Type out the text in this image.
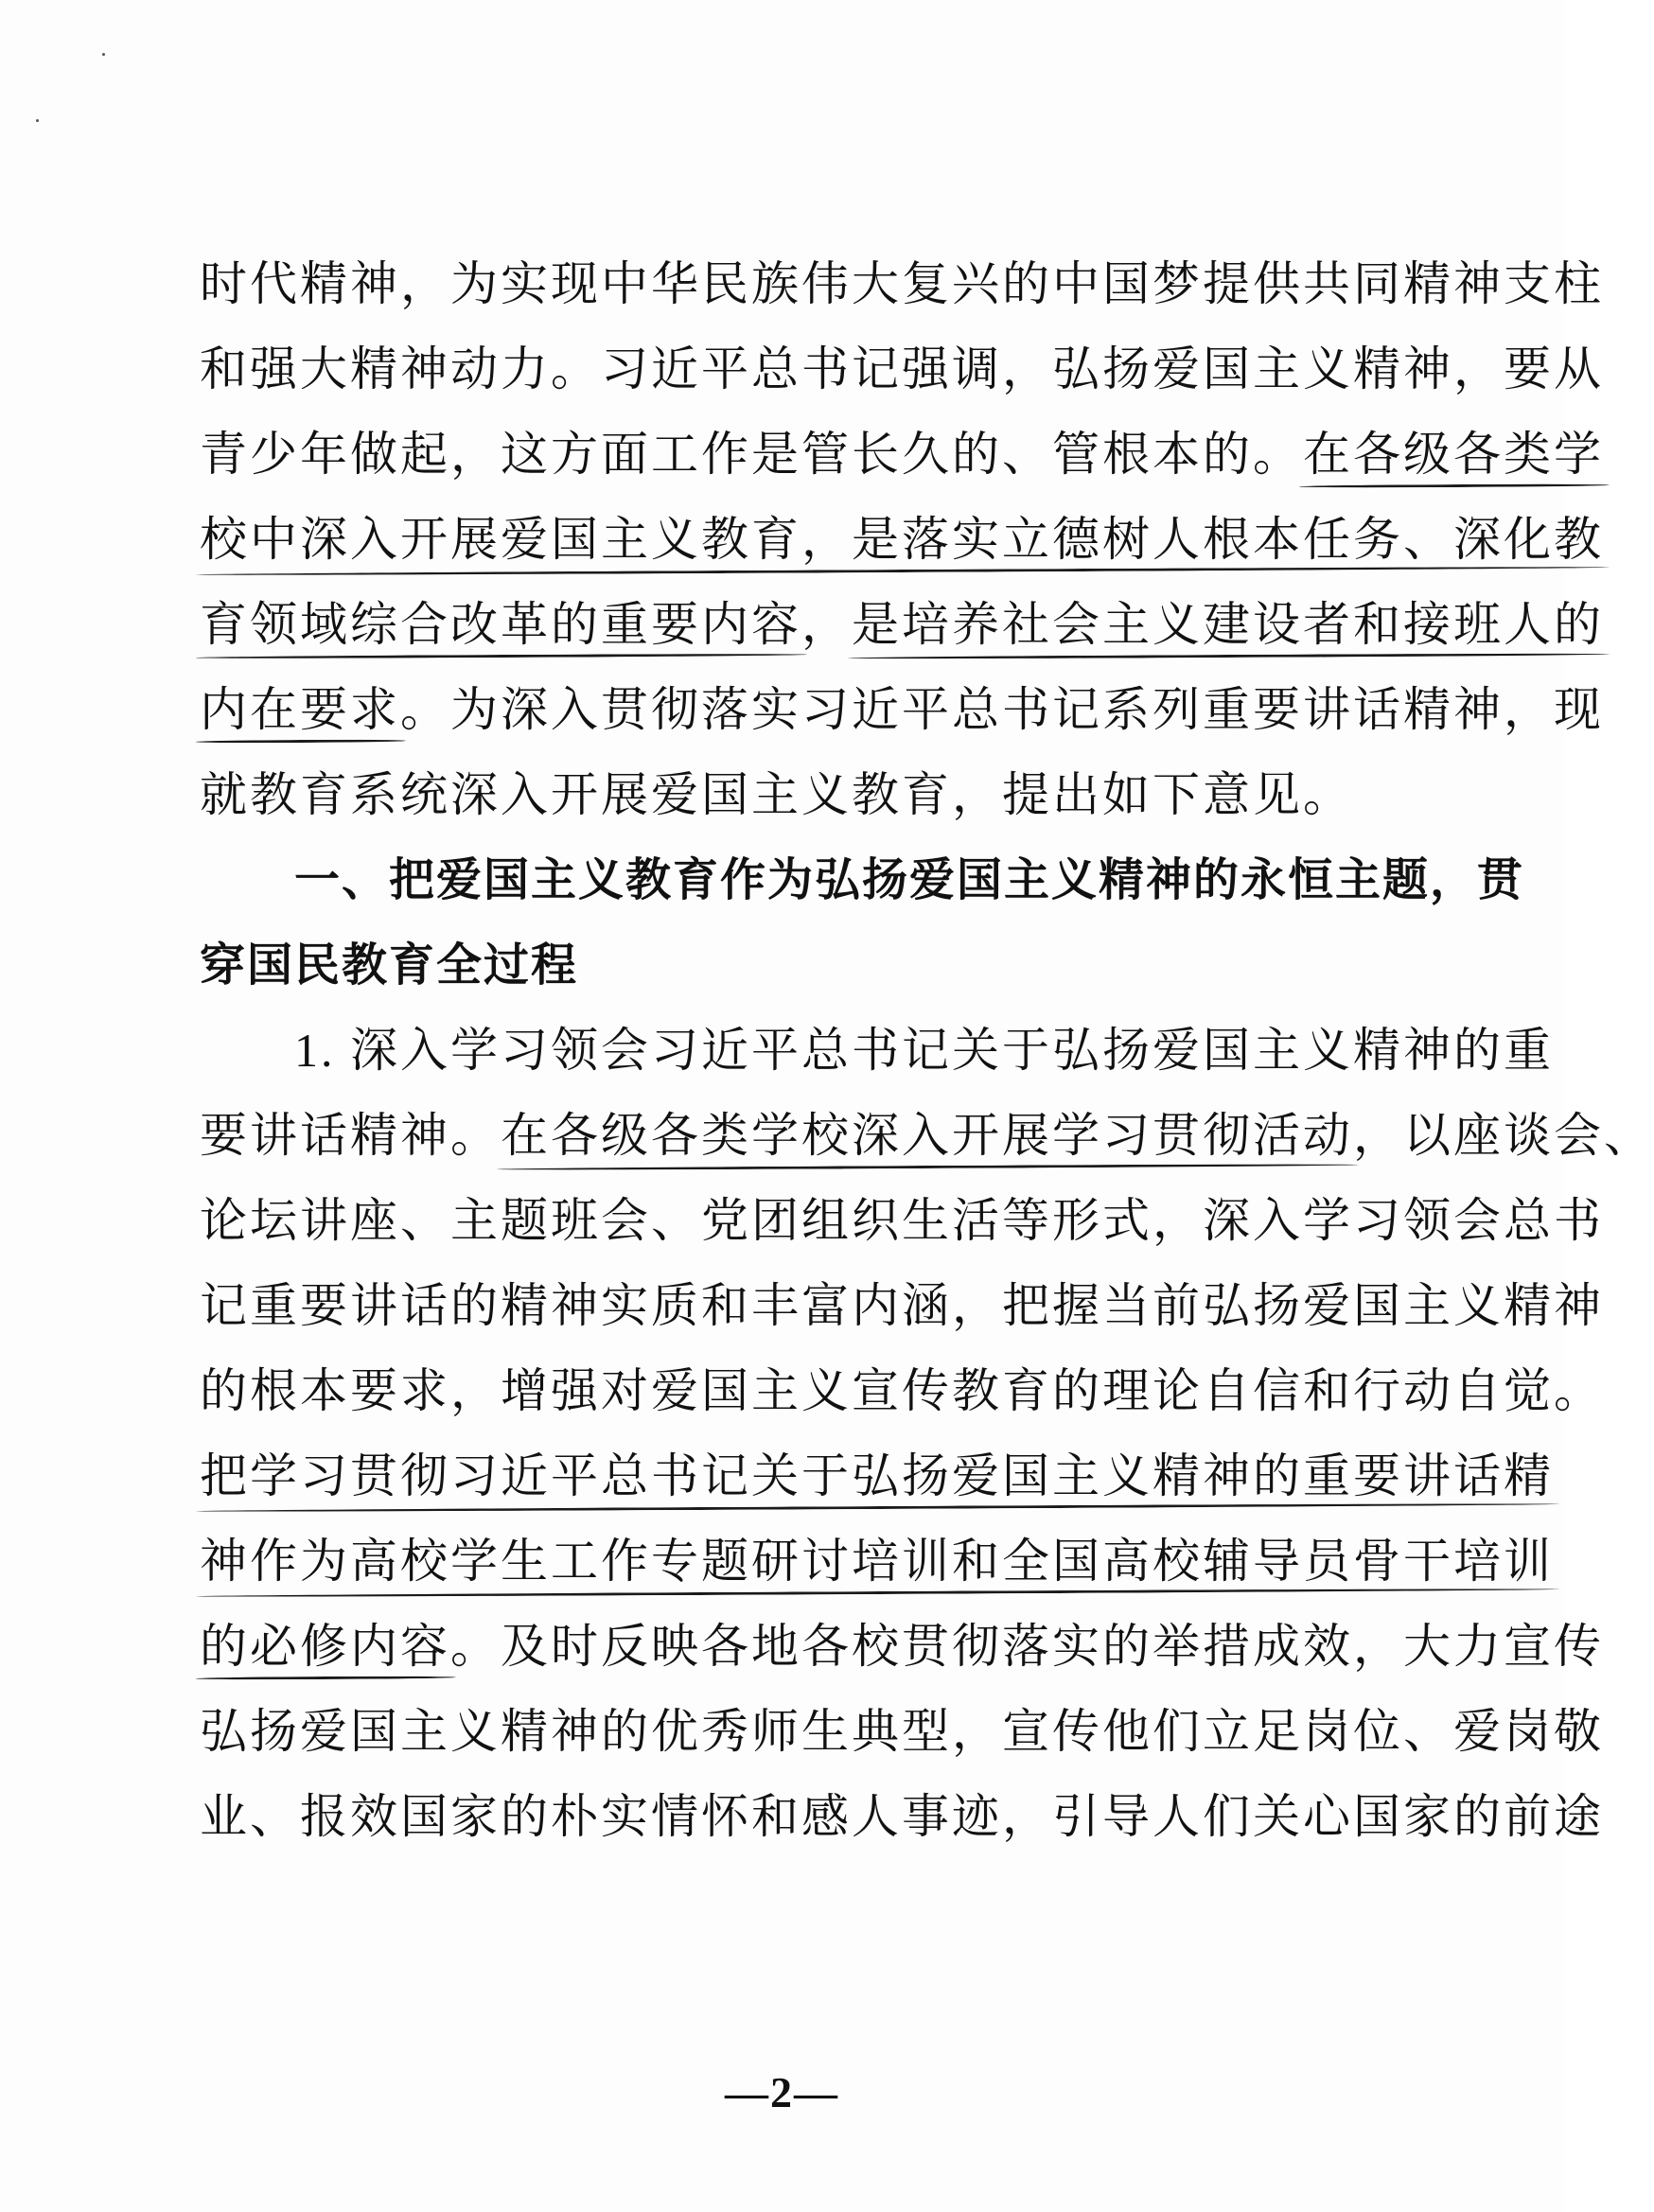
时代精神，为实现中华民族伟大复兴的中国梦提供共同精神支柱
和强大精神动力。习近平总书记强调，弘扬爱国主义精神，要从
青少年做起，这方面工作是管长久的、管根本的。在各级各类学
校中深入开展爱国主义教育，是落实立德树人根本任务、深化教
育领域综合改革的重要内容，是培养社会主义建设者和接班人的
内在要求。为深入贯彻落实习近平总书记系列重要讲话精神，现
就教育系统深入开展爱国主义教育，提出如下意见。
一、把爱国主义教育作为弘扬爱国主义精神的永恒主题，贯
穿国民教育全过程
1. 深入学习领会习近平总书记关于弘扬爱国主义精神的重
要讲话精神。在各级各类学校深入开展学习贯彻活动，以座谈会、
论坛讲座、主题班会、党团组织生活等形式，深入学习领会总书
记重要讲话的精神实质和丰富内涵，把握当前弘扬爱国主义精神
的根本要求，增强对爱国主义宣传教育的理论自信和行动自觉。
把学习贯彻习近平总书记关于弘扬爱国主义精神的重要讲话精
神作为高校学生工作专题研讨培训和全国高校辅导员骨干培训
的必修内容。及时反映各地各校贯彻落实的举措成效，大力宣传
弘扬爱国主义精神的优秀师生典型，宣传他们立足岗位、爱岗敬
业、报效国家的朴实情怀和感人事迹，引导人们关心国家的前途
—2—
